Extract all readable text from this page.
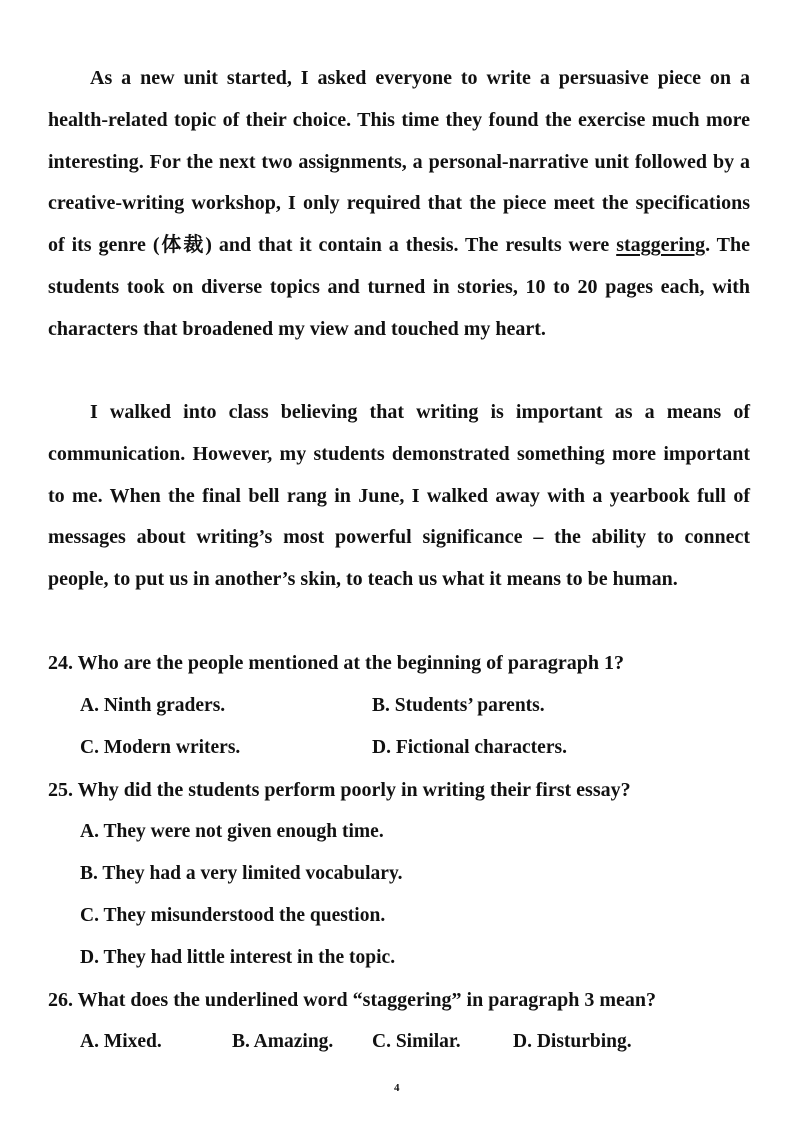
As a new unit started, I asked everyone to write a persuasive piece on a health-related topic of their choice. This time they found the exercise much more interesting. For the next two assignments, a personal-narrative unit followed by a creative-writing workshop, I only required that the piece meet the specifications of its genre (体裁) and that it contain a thesis. The results were staggering. The students took on diverse topics and turned in stories, 10 to 20 pages each, with characters that broadened my view and touched my heart.

I walked into class believing that writing is important as a means of communication. However, my students demonstrated something more important to me. When the final bell rang in June, I walked away with a yearbook full of messages about writing’s most powerful significance – the ability to connect people, to put us in another’s skin, to teach us what it means to be human.

24. Who are the people mentioned at the beginning of paragraph 1?

A. Ninth graders.	B. Students’ parents.

C. Modern writers.	D. Fictional characters.

25. Why did the students perform poorly in writing their first essay?

A. They were not given enough time.

B. They had a very limited vocabulary.

C. They misunderstood the question.

D. They had little interest in the topic.

26. What does the underlined word “staggering” in paragraph 3 mean?

A. Mixed.	B. Amazing. C. Similar.	D. Disturbing.

4
